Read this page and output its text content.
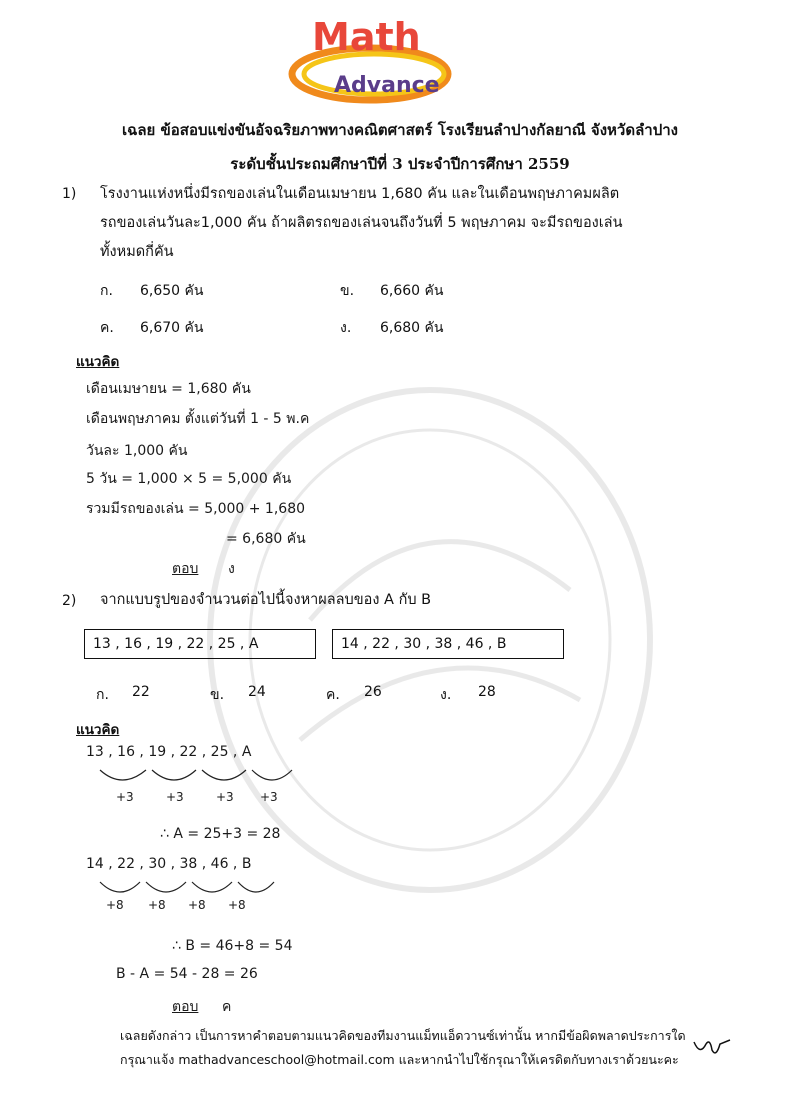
Math
Advance
เฉลย ข้อสอบแข่งขันอัจฉริยภาพทางคณิตศาสตร์ โรงเรียนลำปางกัลยาณี จังหวัดลำปาง
ระดับชั้นประถมศึกษาปีที่ 3 ประจำปีการศึกษา 2559
1) โรงงานแห่งหนึ่งมีรถของเล่นในเดือนเมษายน 1,680 คัน และในเดือนพฤษภาคมผลิต
รถของเล่นวันละ1,000 คัน ถ้าผลิตรถของเล่นจนถึงวันที่ 5 พฤษภาคม จะมีรถของเล่น
ทั้งหมดกี่คัน
ก. 6,650 คัน	ข. 6,660 คัน
ค. 6,670 คัน	ง. 6,680 คัน
แนวคิด
เดือนเมษายน = 1,680 คัน
เดือนพฤษภาคม ตั้งแต่วันที่ 1 - 5 พ.ค
วันละ 1,000 คัน
5 วัน = 1,000 × 5 = 5,000 คัน
รวมมีรถของเล่น = 5,000 + 1,680
= 6,680 คัน
ตอบ ง
2) จากแบบรูปของจำนวนต่อไปนี้จงหาผลลบของ A กับ B
13 , 16 , 19 , 22 , 25 , A	14 , 22 , 30 , 38 , 46 , B
ก. 22	ข. 24	ค. 26	ง. 28
แนวคิด
13 , 16 , 19 , 22 , 25 , A
+3	+3	+3 +3
∴ A = 25+3 = 28
14 , 22 , 30 , 38 , 46 , B
+8 +8 +8 +8
∴ B = 46+8 = 54
B - A = 54 - 28 = 26
ตอบ ค
เฉลยดังกล่าว เป็นการหาคำตอบตามแนวคิดของทีมงานแม็ทแอ็ดวานซ์เท่านั้น หากมีข้อผิดพลาดประการใด
กรุณาแจ้ง mathadvanceschool@hotmail.com และหากนำไปใช้กรุณาให้เครดิตกับทางเราด้วยนะคะ
